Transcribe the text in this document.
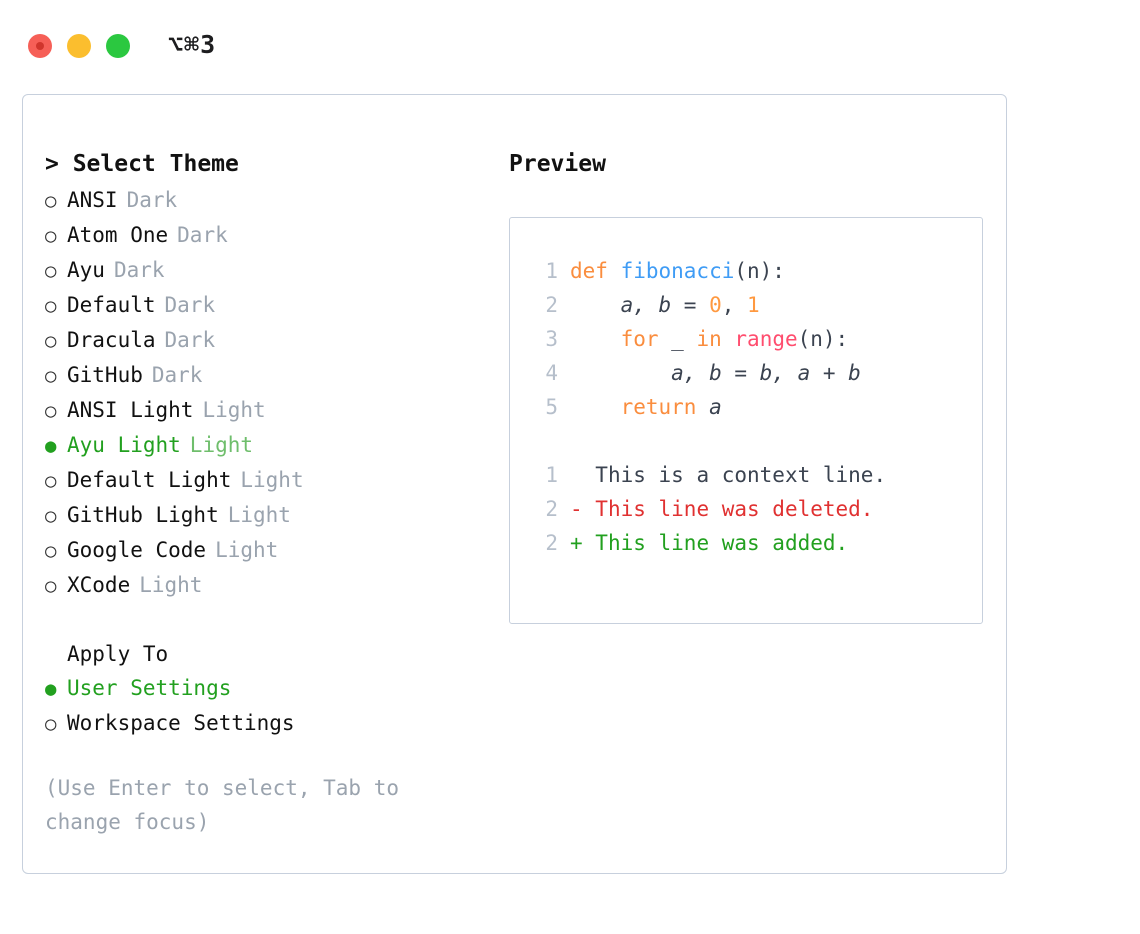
⌥⌘3
> Select Theme
○ ANSI Dark
○ Atom One Dark
○ Ayu Dark
○ Default Dark
○ Dracula Dark
○ GitHub Dark
○ ANSI Light Light
● Ayu Light Light
○ Default Light Light
○ GitHub Light Light
○ Google Code Light
○ XCode Light
Apply To
● User Settings
○ Workspace Settings
(Use Enter to select, Tab to change focus)
Preview
1 def fibonacci (n):
2 a, b = 0 , 1
3
	for _ in
range (n):
4 a, b = b, a + b
5
	return a
1
This is a context line.
2 - This line was deleted.
2 + This line was added.
